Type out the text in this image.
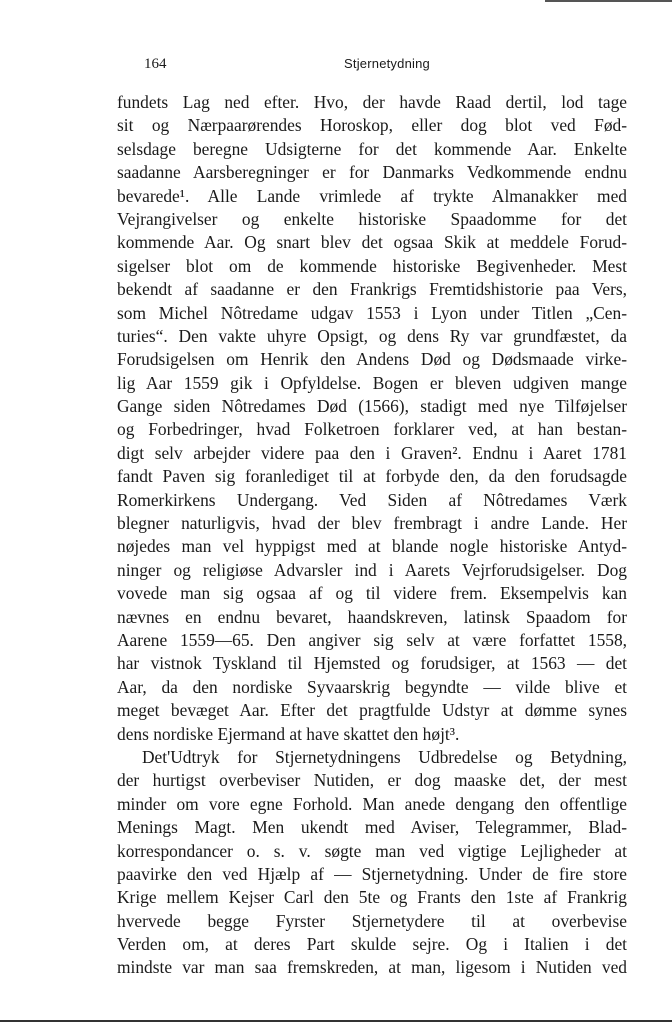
164	Stjernetydning
fundets Lag ned efter. Hvo, der havde Raad dertil, lod tage
sit og Nærpaarørendes Horoskop, eller dog blot ved Fød-
selsdage beregne Udsigterne for det kommende Aar. Enkelte
saadanne Aarsberegninger er for Danmarks Vedkommende endnu
bevarede¹. Alle Lande vrimlede af trykte Almanakker med
Vejrangivelser og enkelte historiske Spaadomme for det
kommende Aar. Og snart blev det ogsaa Skik at meddele Forud-
sigelser blot om de kommende historiske Begivenheder. Mest
bekendt af saadanne er den Frankrigs Fremtidshistorie paa Vers,
som Michel Nôtredame udgav 1553 i Lyon under Titlen „Cen-
turies“. Den vakte uhyre Opsigt, og dens Ry var grundfæstet, da
Forudsigelsen om Henrik den Andens Død og Dødsmaade virke-
lig Aar 1559 gik i Opfyldelse. Bogen er bleven udgiven mange
Gange siden Nôtredames Død (1566), stadigt med nye Tilføjelser
og Forbedringer, hvad Folketroen forklarer ved, at han bestan-
digt selv arbejder videre paa den i Graven². Endnu i Aaret 1781
fandt Paven sig foranlediget til at forbyde den, da den forudsagde
Romerkirkens Undergang. Ved Siden af Nôtredames Værk
blegner naturligvis, hvad der blev frembragt i andre Lande. Her
nøjedes man vel hyppigst med at blande nogle historiske Antyd-
ninger og religiøse Advarsler ind i Aarets Vejrforudsigelser. Dog
vovede man sig ogsaa af og til videre frem. Eksempelvis kan
nævnes en endnu bevaret, haandskreven, latinsk Spaadom for
Aarene 1559—65. Den angiver sig selv at være forfattet 1558,
har vistnok Tyskland til Hjemsted og forudsiger, at 1563 — det
Aar, da den nordiske Syvaarskrig begyndte — vilde blive et
meget bevæget Aar. Efter det pragtfulde Udstyr at dømme synes
dens nordiske Ejermand at have skattet den højt³.
Det'Udtryk for Stjernetydningens Udbredelse og Betydning,
der hurtigst overbeviser Nutiden, er dog maaske det, der mest
minder om vore egne Forhold. Man anede dengang den offentlige
Menings Magt. Men ukendt med Aviser, Telegrammer, Blad-
korrespondancer o. s. v. søgte man ved vigtige Lejligheder at
paavirke den ved Hjælp af — Stjernetydning. Under de fire store
Krige mellem Kejser Carl den 5te og Frants den 1ste af Frankrig
hvervede begge Fyrster Stjernetydere til at overbevise
Verden om, at deres Part skulde sejre. Og i Italien i det
mindste var man saa fremskreden, at man, ligesom i Nutiden ved
